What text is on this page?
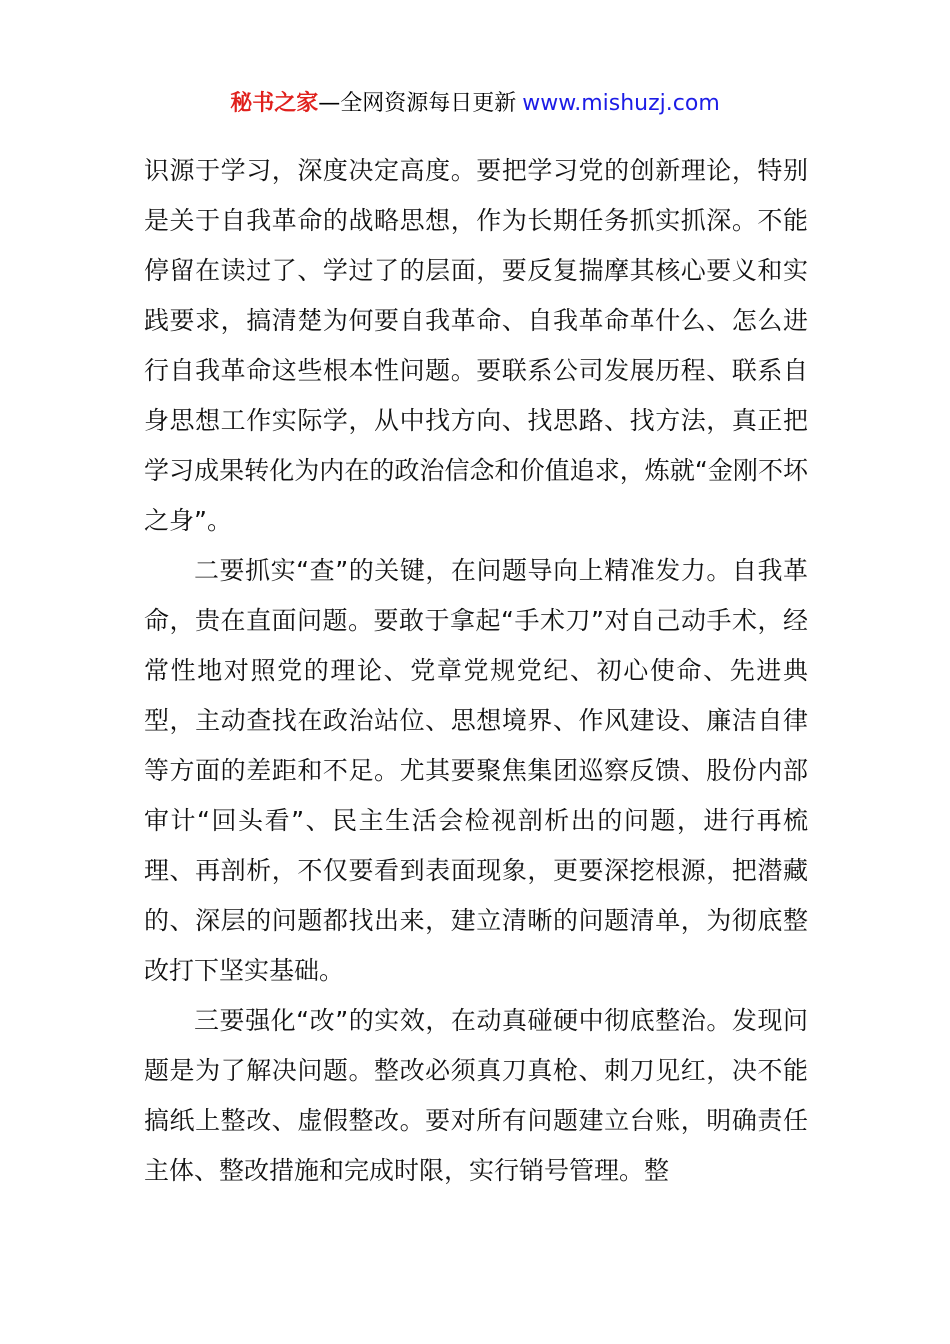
秘书之家—全网资源每日更新 www.mishuzj.com

识源于学习，深度决定高度。要把学习党的创新理论，特别是关于自我革命的战略思想，作为长期任务抓实抓深。不能停留在读过了、学过了的层面，要反复揣摩其核心要义和实践要求，搞清楚为何要自我革命、自我革命革什么、怎么进行自我革命这些根本性问题。要联系公司发展历程、联系自身思想工作实际学，从中找方向、找思路、找方法，真正把学习成果转化为内在的政治信念和价值追求，炼就“金刚不坏之身”。

二要抓实“查”的关键，在问题导向上精准发力。自我革命，贵在直面问题。要敢于拿起“手术刀”对自己动手术，经常性地对照党的理论、党章党规党纪、初心使命、先进典型，主动查找在政治站位、思想境界、作风建设、廉洁自律等方面的差距和不足。尤其要聚焦集团巡察反馈、股份内部审计“回头看”、民主生活会检视剖析出的问题，进行再梳理、再剖析，不仅要看到表面现象，更要深挖根源，把潜藏的、深层的问题都找出来，建立清晰的问题清单，为彻底整改打下坚实基础。

三要强化“改”的实效，在动真碰硬中彻底整治。发现问题是为了解决问题。整改必须真刀真枪、刺刀见红，决不能搞纸上整改、虚假整改。要对所有问题建立台账，明确责任主体、整改措施和完成时限，实行销号管理。整
